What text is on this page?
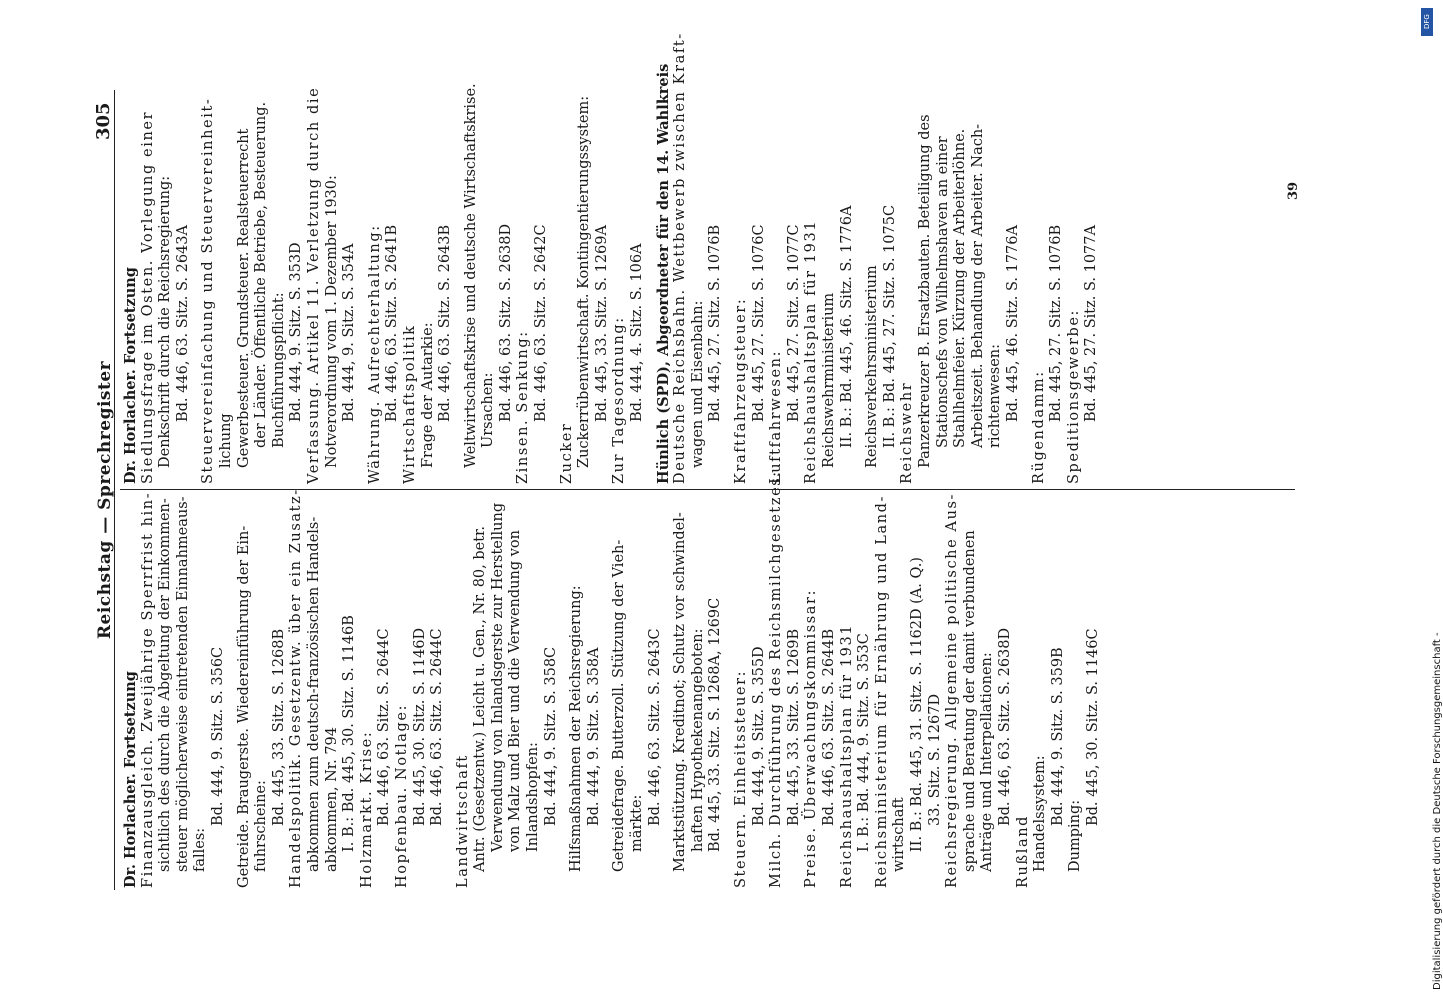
Reichstag — Sprechregister
305
Dr. Horlacher. Fortsetzung Finanzausgleich. Zweijährige Sperrfrist hin- sichtlich des durch die Abgeltung der Einkommen- steuer möglicherweise eintretenden Einnahmeaus- falles:
Bd. 444, 9. Sitz. S. 356C Getreide. Braugerste. Wiedereinführung der Ein- fuhrscheine:
Bd. 445, 33. Sitz. S. 1268B Handelspolitik. Gesetzentw. über ein Zusatz- abkommen zum deutsch-französischen Handels- abkommen, Nr. 794 I. B.: Bd. 445, 30. Sitz. S. 1146B Holzmarkt. Krise: Bd. 446, 63. Sitz. S. 2644C Hopfenbau. Notlage: Bd. 445, 30. Sitz. S. 1146D Bd. 446, 63. Sitz. S. 2644C Landwirtschaft Antr. (Gesetzentw.) Leicht u. Gen., Nr. 80, betr. Verwendung von Inlandsgerste zur Herstellung von Malz und Bier und die Verwendung von Inlandshopfen: Bd. 444, 9. Sitz. S. 358C Hilfsmaßnahmen der Reichsregierung: Bd. 444, 9. Sitz. S. 358A Getreidefrage. Butterzoll. Stützung der Vieh- märkte: Bd. 446, 63. Sitz. S. 2643C Marktstützung. Kreditnot; Schutz vor schwindel- haften Hypothekenangeboten: Bd. 445, 33. Sitz. S. 1268A, 1269C Steuern. Einheitssteuer: Bd. 444, 9. Sitz. S. 355D Milch. Durchführung des Reichsmilchgesetzes: Bd. 445, 33. Sitz. S. 1269B Preise. Überwachungskommissar: Bd. 446, 63. Sitz. S. 2644B Reichshaushaltsplan für 1931 I. B.: Bd. 444, 9. Sitz. S. 353C Reichsministerium für Ernährung und Land- wirtschaft II. B.: Bd. 445, 31. Sitz. S. 1162D (A. Q.) 33. Sitz. S. 1267D Reichsregierung. Allgemeine politische Aus- sprache und Beratung der damit verbundenen Anträge und Interpellationen: Bd. 446, 63. Sitz. S. 2638D
Rußland Handelssystem: Bd. 444, 9. Sitz. S. 359B
Dumping:
Bd. 445, 30. Sitz. S. 1146C
Dr. Horlacher. Fortsetzung Siedlungsfrage im Osten. Vorlegung einer Denkschrift durch die Reichsregierung: Bd. 446, 63. Sitz. S. 2643A Steuervereinfachung und Steuervereinheit- lichung Gewerbesteuer. Grundsteuer. Realsteuerrecht der Länder. Öffentliche Betriebe, Besteuerung. Buchführungspflicht: Bd. 444, 9. Sitz. S. 353D Verfassung. Artikel 11. Verletzung durch die Notverordnung vom 1. Dezember 1930: Bd. 444, 9. Sitz. S. 354A Währung. Aufrechterhaltung: Bd. 446, 63. Sitz. S. 2641B Wirtschaftspolitik Frage der Autarkie: Bd. 446, 63. Sitz. S. 2643B Weltwirtschaftskrise und deutsche Wirtschaftskrise. Ursachen: Bd. 446, 63. Sitz. S. 2638D Zinsen. Senkung: Bd. 446, 63. Sitz. S. 2642C
Zucker Zuckerrübenwirtschaft. Kontingentierungssystem: Bd. 445, 33. Sitz. S. 1269A Zur Tagesordnung: Bd. 444, 4. Sitz. S. 106A Hünlich (SPD), Abgeordneter für den 14. Wahlkreis Deutsche Reichsbahn. Wettbewerb zwischen Kraft- wagen und Eisenbahn: Bd. 445, 27. Sitz. S. 1076B Kraftfahrzeugsteuer: Bd. 445, 27. Sitz. S. 1076C Luftfahrwesen: Bd. 445, 27. Sitz. S. 1077C Reichshaushaltsplan für 1931 Reichswehrministerium II. B.: Bd. 445, 46. Sitz. S. 1776A Reichsverkehrsministerium II. B.: Bd. 445, 27. Sitz. S. 1075C Reichswehr Panzerkreuzer B. Ersatzbauten. Beteiligung des Stationschefs von Wilhelmshaven an einer Stahlhelmfeier. Kürzung der Arbeiterlöhne. Arbeitszeit. Behandlung der Arbeiter. Nach- richtenwesen: Bd. 445, 46. Sitz. S. 1776A
Rügendamm:
Bd. 445, 27. Sitz. S. 1076B Speditionsgewerbe: Bd. 445, 27. Sitz. S. 1077A
39
Digitalisierung gefördert durch die Deutsche Forschungsgemeinschaft -
DFG
